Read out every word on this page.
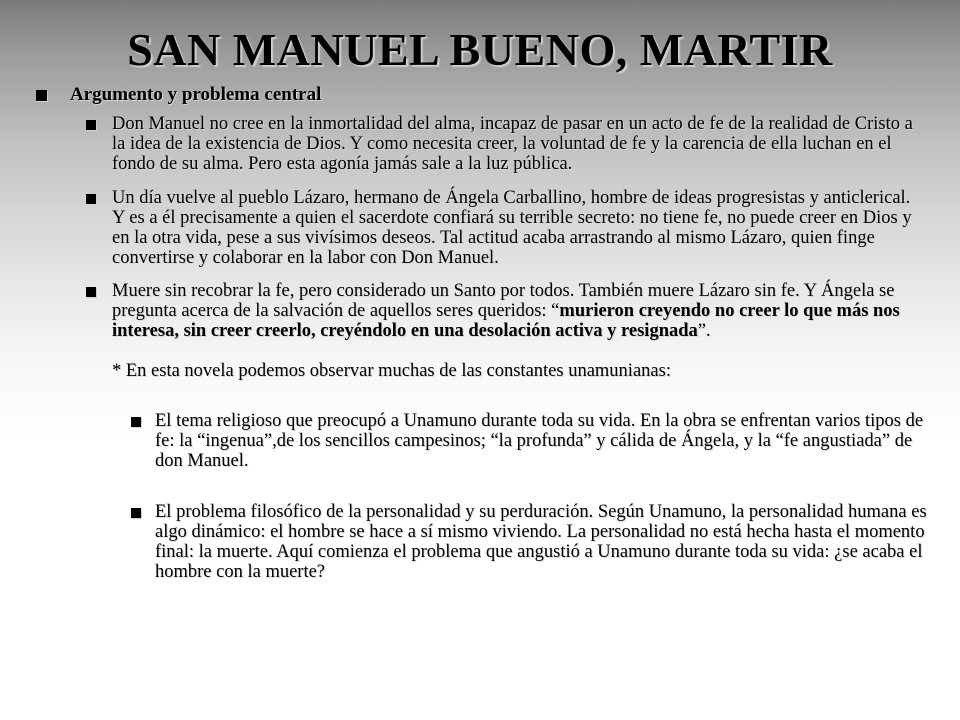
SAN MANUEL BUENO, MARTIR
Argumento y problema central
Don Manuel no cree en la inmortalidad del alma, incapaz de pasar en un acto de fe de la realidad de Cristo a la idea de la existencia de Dios. Y como necesita creer, la voluntad de fe y la carencia de ella luchan en el fondo de su alma. Pero esta agonía jamás sale a la luz pública.
Un día vuelve al pueblo Lázaro, hermano de Ángela Carballino, hombre de ideas progresistas y anticlerical. Y es a él precisamente a quien el sacerdote confiará su terrible secreto: no tiene fe, no puede creer en Dios y en la otra vida, pese a sus vivísimos deseos. Tal actitud acaba arrastrando al mismo Lázaro, quien finge convertirse y colaborar en la labor con Don Manuel.
Muere sin recobrar la fe, pero considerado un Santo por todos. También muere Lázaro sin fe. Y Ángela se pregunta acerca de la salvación de aquellos seres queridos: “murieron creyendo no creer lo que más nos interesa, sin creer creerlo, creyéndolo en una desolación activa y resignada”.
* En esta novela podemos observar muchas de las constantes unamunianas:
El tema religioso que preocupó a Unamuno durante toda su vida. En la obra se enfrentan varios tipos de fe: la “ingenua”,de los sencillos campesinos; “la profunda” y cálida de Ángela, y la “fe angustiada” de don Manuel.
El problema filosófico de la personalidad y su perduración. Según Unamuno, la personalidad humana es algo dinámico: el hombre se hace a sí mismo viviendo. La personalidad no está hecha hasta el momento final: la muerte. Aquí comienza el problema que angustió a Unamuno durante toda su vida: ¿se acaba el hombre con la muerte?
